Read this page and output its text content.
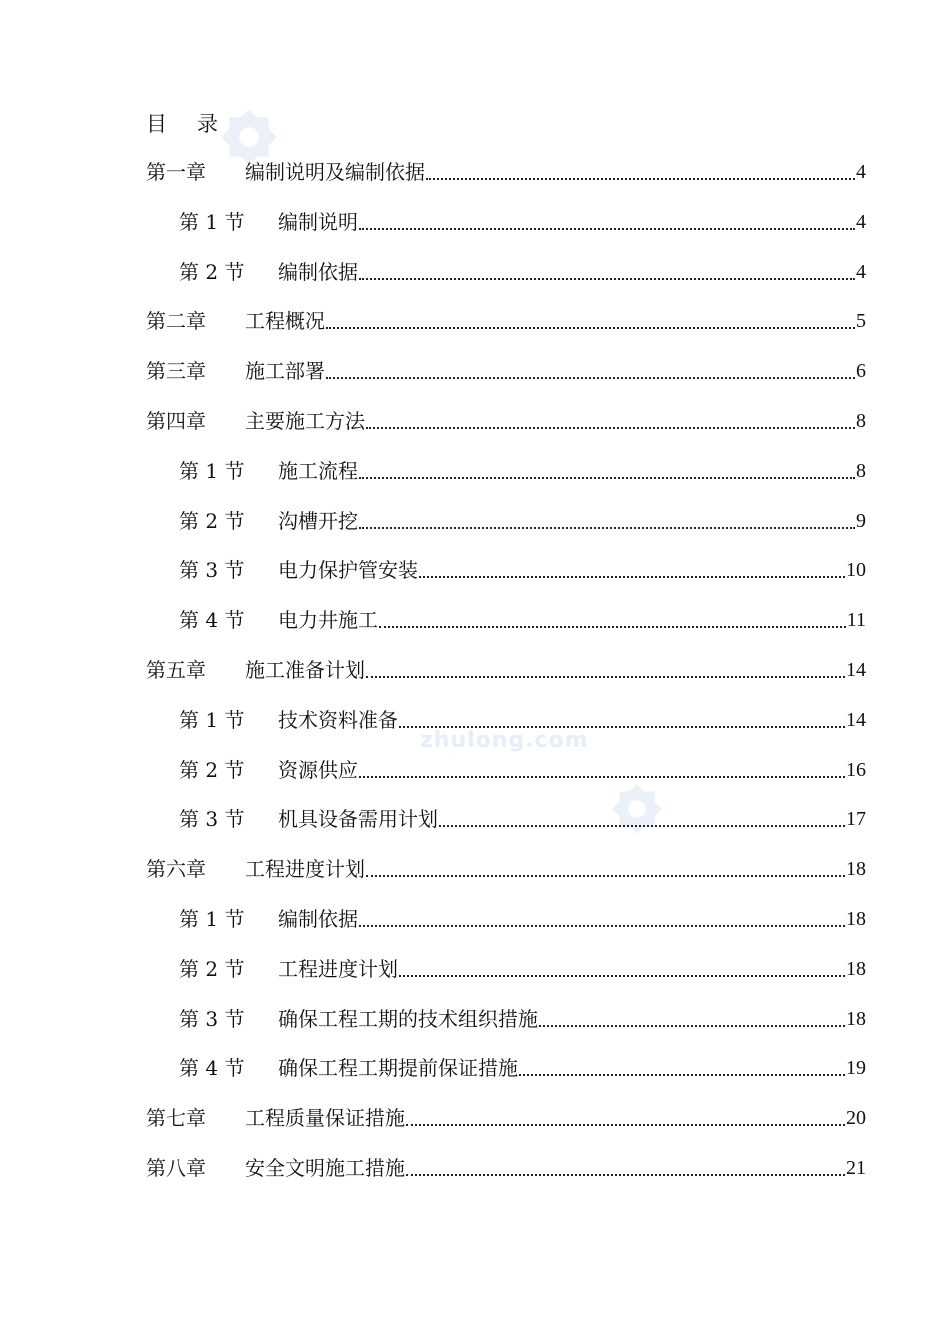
zhulong.com
目 录
第一章	编制说明及编制依据	4
第 1 节	编制说明	4
第 2 节	编制依据	4
第二章	工程概况	5
第三章	施工部署	6
第四章	主要施工方法	8
第 1 节	施工流程	8
第 2 节	沟槽开挖	9
第 3 节	电力保护管安装	10
第 4 节	电力井施工	11
第五章	施工准备计划	14
第 1 节	技术资料准备	14
第 2 节	资源供应	16
第 3 节	机具设备需用计划	17
第六章	工程进度计划	18
第 1 节	编制依据	18
第 2 节	工程进度计划	18
第 3 节	确保工程工期的技术组织措施	18
第 4 节	确保工程工期提前保证措施	19
第七章	工程质量保证措施	20
第八章	安全文明施工措施	21
